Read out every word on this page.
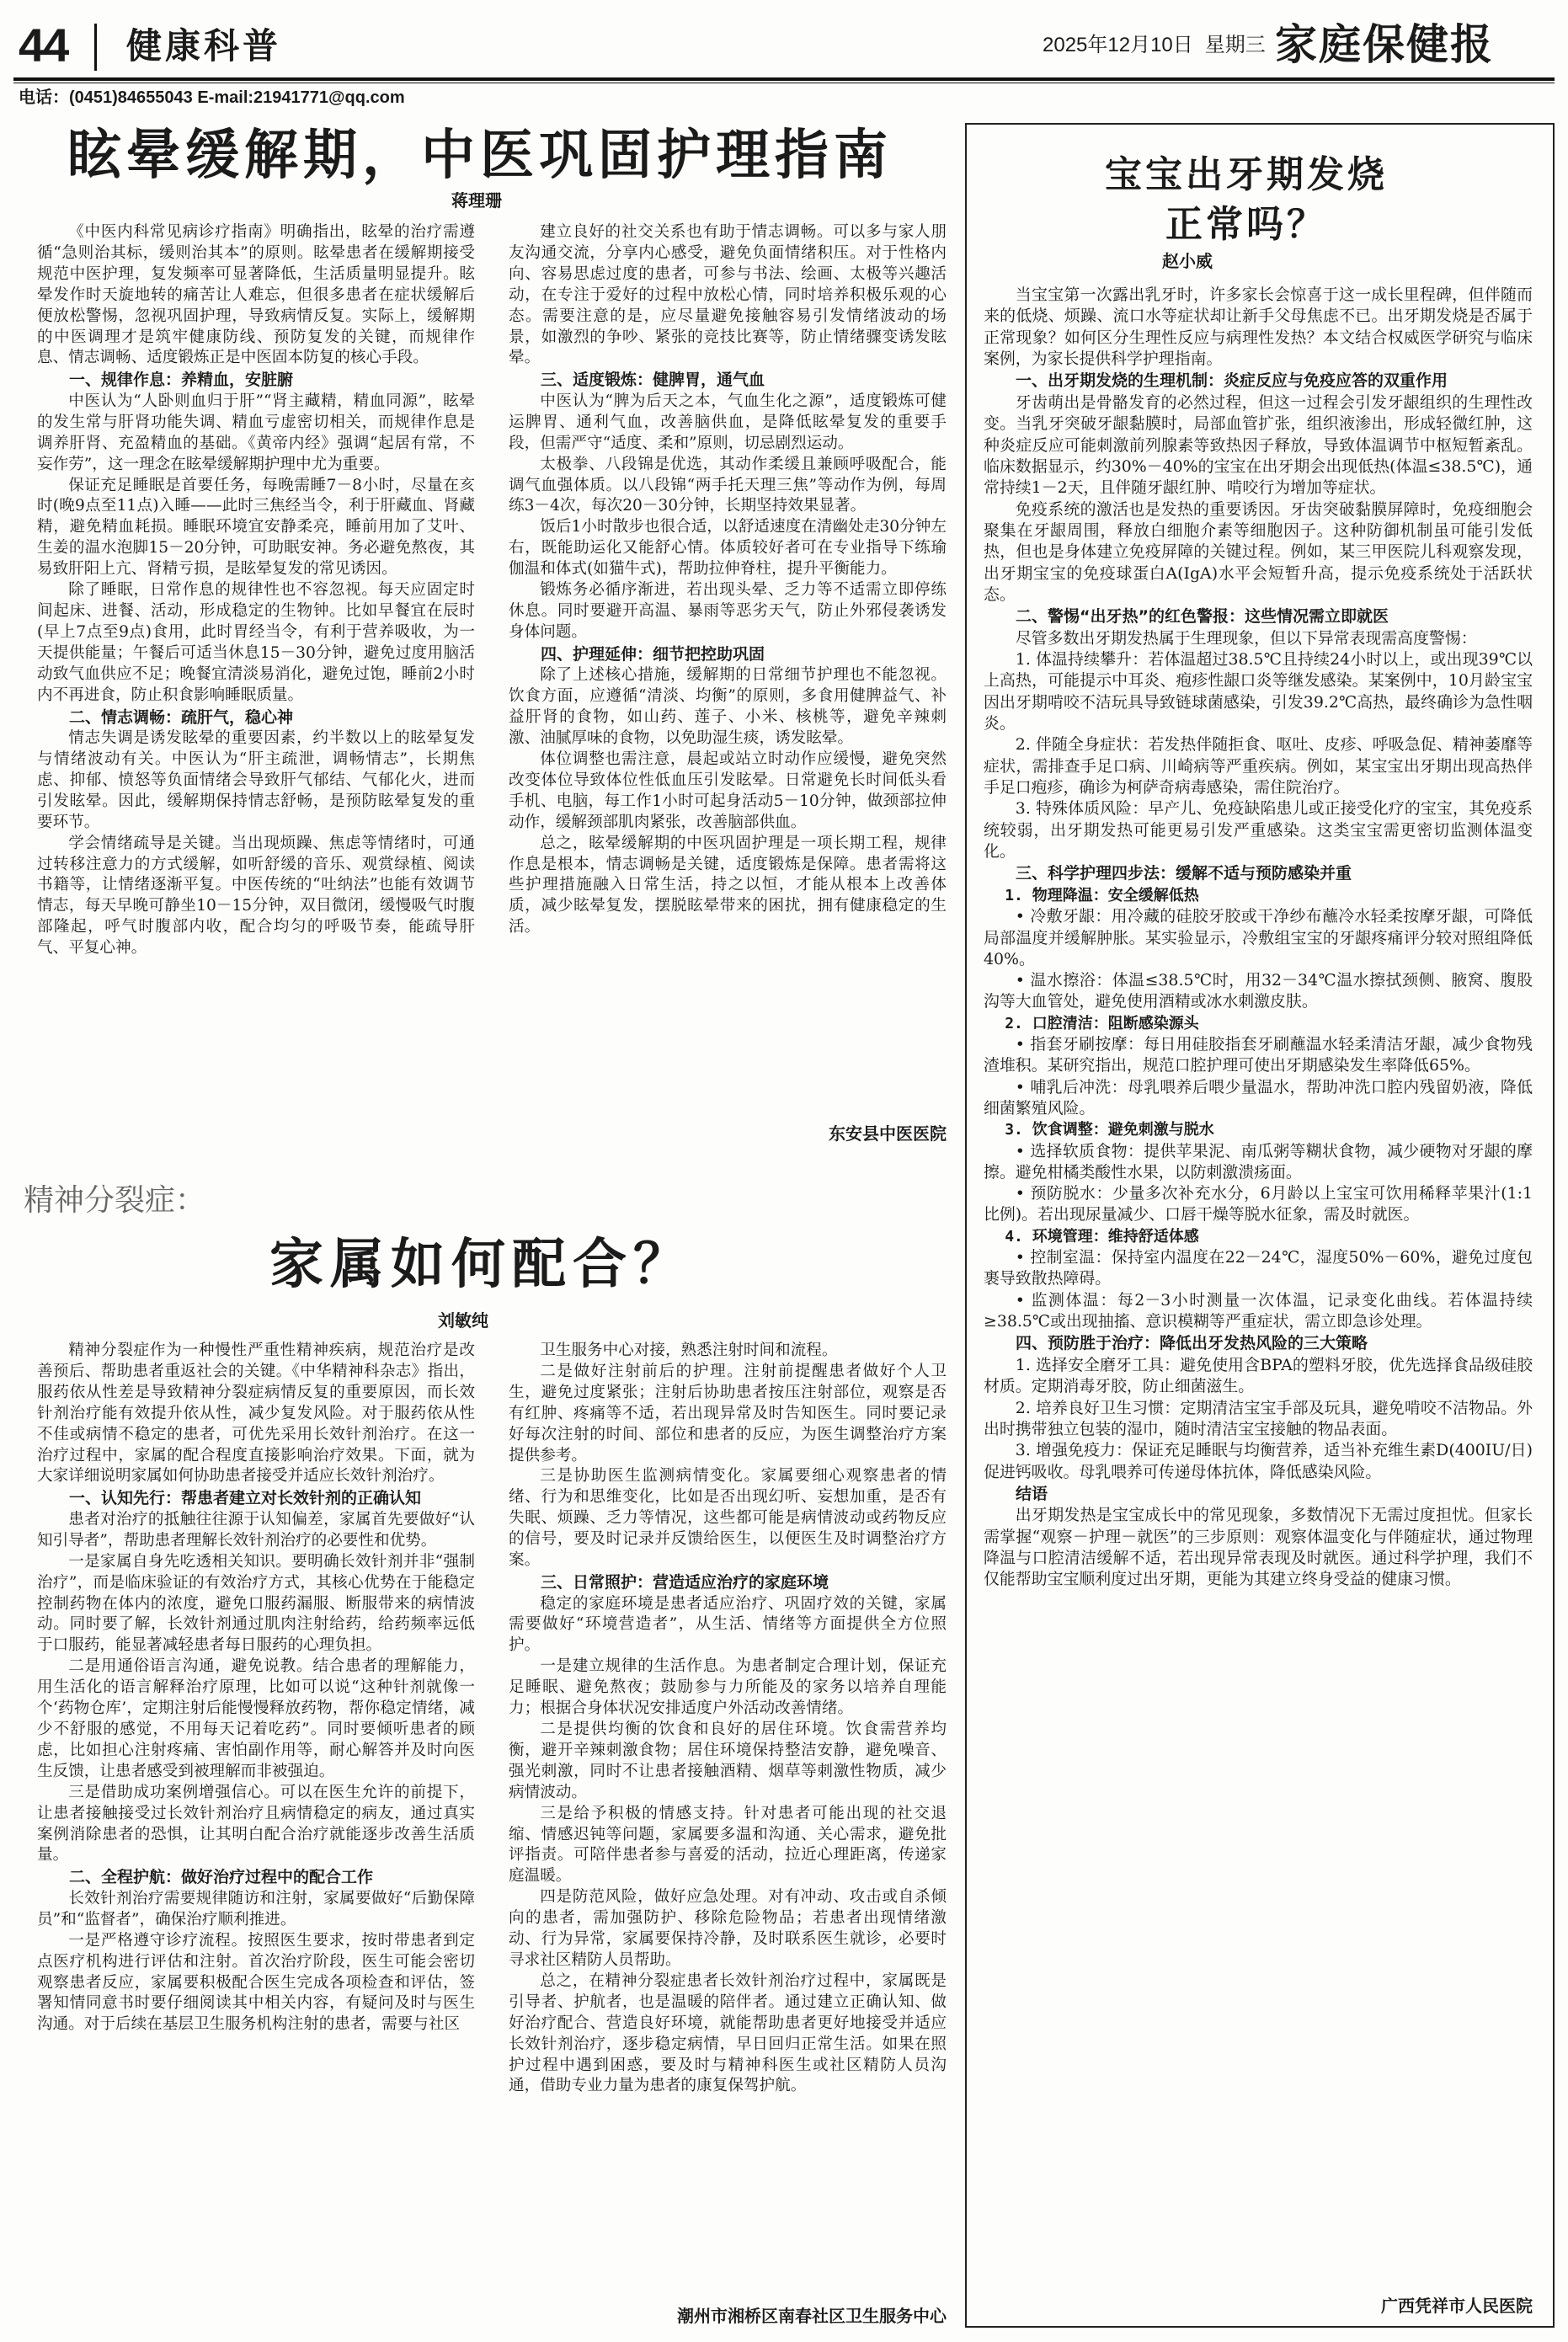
44 健康科普	2025年12月10日 星期三 家庭保健报
电话：(0451)84655043 E-mail:21941771@qq.com
眩晕缓解期，中医巩固护理指南
蒋理珊

《中医内科常见病诊疗指南》明确指出，眩晕的治疗需遵循“急则治其标，缓则治其本”的原则。眩晕患者在缓解期接受规范中医护理，复发频率可显著降低，生活质量明显提升。眩晕发作时天旋地转的痛苦让人难忘，但很多患者在症状缓解后便放松警惕，忽视巩固护理，导致病情反复。实际上，缓解期的中医调理才是筑牢健康防线、预防复发的关键，而规律作息、情志调畅、适度锻炼正是中医固本防复的核心手段。

一、规律作息：养精血，安脏腑

中医认为“人卧则血归于肝”“肾主藏精，精血同源”，眩晕的发生常与肝肾功能失调、精血亏虚密切相关，而规律作息是调养肝肾、充盈精血的基础。《黄帝内经》强调“起居有常，不妄作劳”，这一理念在眩晕缓解期护理中尤为重要。

保证充足睡眠是首要任务，每晚需睡7－8小时，尽量在亥时(晚9点至11点)入睡——此时三焦经当令，利于肝藏血、肾藏精，避免精血耗损。睡眠环境宜安静柔亮，睡前用加了艾叶、生姜的温水泡脚15－20分钟，可助眠安神。务必避免熬夜，其易致肝阳上亢、肾精亏损，是眩晕复发的常见诱因。

除了睡眠，日常作息的规律性也不容忽视。每天应固定时间起床、进餐、活动，形成稳定的生物钟。比如早餐宜在辰时(早上7点至9点)食用，此时胃经当令，有利于营养吸收，为一天提供能量；午餐后可适当休息15－30分钟，避免过度用脑活动致气血供应不足；晚餐宜清淡易消化，避免过饱，睡前2小时内不再进食，防止积食影响睡眠质量。

二、情志调畅：疏肝气，稳心神

情志失调是诱发眩晕的重要因素，约半数以上的眩晕复发与情绪波动有关。中医认为“肝主疏泄，调畅情志”，长期焦虑、抑郁、愤怒等负面情绪会导致肝气郁结、气郁化火，进而引发眩晕。因此，缓解期保持情志舒畅，是预防眩晕复发的重要环节。

学会情绪疏导是关键。当出现烦躁、焦虑等情绪时，可通过转移注意力的方式缓解，如听舒缓的音乐、观赏绿植、阅读书籍等，让情绪逐渐平复。中医传统的“吐纳法”也能有效调节情志，每天早晚可静坐10－15分钟，双目微闭，缓慢吸气时腹部隆起，呼气时腹部内收，配合均匀的呼吸节奏，能疏导肝气、平复心神。

建立良好的社交关系也有助于情志调畅。可以多与家人朋友沟通交流，分享内心感受，避免负面情绪积压。对于性格内向、容易思虑过度的患者，可参与书法、绘画、太极等兴趣活动，在专注于爱好的过程中放松心情，同时培养积极乐观的心态。需要注意的是，应尽量避免接触容易引发情绪波动的场景，如激烈的争吵、紧张的竞技比赛等，防止情绪骤变诱发眩晕。

三、适度锻炼：健脾胃，通气血

中医认为“脾为后天之本，气血生化之源”，适度锻炼可健运脾胃、通利气血，改善脑供血，是降低眩晕复发的重要手段，但需严守“适度、柔和”原则，切忌剧烈运动。

太极拳、八段锦是优选，其动作柔缓且兼顾呼吸配合，能调气血强体质。以八段锦“两手托天理三焦”等动作为例，每周练3－4次，每次20－30分钟，长期坚持效果显著。

饭后1小时散步也很合适，以舒适速度在清幽处走30分钟左右，既能助运化又能舒心情。体质较好者可在专业指导下练瑜伽温和体式(如猫牛式)，帮助拉伸脊柱，提升平衡能力。

锻炼务必循序渐进，若出现头晕、乏力等不适需立即停练休息。同时要避开高温、暴雨等恶劣天气，防止外邪侵袭诱发身体问题。

四、护理延伸：细节把控助巩固

除了上述核心措施，缓解期的日常细节护理也不能忽视。饮食方面，应遵循“清淡、均衡”的原则，多食用健脾益气、补益肝肾的食物，如山药、莲子、小米、核桃等，避免辛辣刺激、油腻厚味的食物，以免助湿生痰，诱发眩晕。

体位调整也需注意，晨起或站立时动作应缓慢，避免突然改变体位导致体位性低血压引发眩晕。日常避免长时间低头看手机、电脑，每工作1小时可起身活动5－10分钟，做颈部拉伸动作，缓解颈部肌肉紧张，改善脑部供血。

总之，眩晕缓解期的中医巩固护理是一项长期工程，规律作息是根本，情志调畅是关键，适度锻炼是保障。患者需将这些护理措施融入日常生活，持之以恒，才能从根本上改善体质，减少眩晕复发，摆脱眩晕带来的困扰，拥有健康稳定的生活。

东安县中医医院
精神分裂症：
家属如何配合？
刘敏纯

精神分裂症作为一种慢性严重性精神疾病，规范治疗是改善预后、帮助患者重返社会的关键。《中华精神科杂志》指出，服药依从性差是导致精神分裂症病情反复的重要原因，而长效针剂治疗能有效提升依从性，减少复发风险。对于服药依从性不佳或病情不稳定的患者，可优先采用长效针剂治疗。在这一治疗过程中，家属的配合程度直接影响治疗效果。下面，就为大家详细说明家属如何协助患者接受并适应长效针剂治疗。

一、认知先行：帮患者建立对长效针剂的正确认知

患者对治疗的抵触往往源于认知偏差，家属首先要做好“认知引导者”，帮助患者理解长效针剂治疗的必要性和优势。

一是家属自身先吃透相关知识。要明确长效针剂并非“强制治疗”，而是临床验证的有效治疗方式，其核心优势在于能稳定控制药物在体内的浓度，避免口服药漏服、断服带来的病情波动。同时要了解，长效针剂通过肌肉注射给药，给药频率远低于口服药，能显著减轻患者每日服药的心理负担。

二是用通俗语言沟通，避免说教。结合患者的理解能力，用生活化的语言解释治疗原理，比如可以说“这种针剂就像一个‘药物仓库’，定期注射后能慢慢释放药物，帮你稳定情绪，减少不舒服的感觉，不用每天记着吃药”。同时要倾听患者的顾虑，比如担心注射疼痛、害怕副作用等，耐心解答并及时向医生反馈，让患者感受到被理解而非被强迫。

三是借助成功案例增强信心。可以在医生允许的前提下，让患者接触接受过长效针剂治疗且病情稳定的病友，通过真实案例消除患者的恐惧，让其明白配合治疗就能逐步改善生活质量。

二、全程护航：做好治疗过程中的配合工作

长效针剂治疗需要规律随访和注射，家属要做好“后勤保障员”和“监督者”，确保治疗顺利推进。

一是严格遵守诊疗流程。按照医生要求，按时带患者到定点医疗机构进行评估和注射。首次治疗阶段，医生可能会密切观察患者反应，家属要积极配合医生完成各项检查和评估，签署知情同意书时要仔细阅读其中相关内容，有疑问及时与医生沟通。对于后续在基层卫生服务机构注射的患者，需要与社区

卫生服务中心对接，熟悉注射时间和流程。

二是做好注射前后的护理。注射前提醒患者做好个人卫生，避免过度紧张；注射后协助患者按压注射部位，观察是否有红肿、疼痛等不适，若出现异常及时告知医生。同时要记录好每次注射的时间、部位和患者的反应，为医生调整治疗方案提供参考。

三是协助医生监测病情变化。家属要细心观察患者的情绪、行为和思维变化，比如是否出现幻听、妄想加重，是否有失眠、烦躁、乏力等情况，这些都可能是病情波动或药物反应的信号，要及时记录并反馈给医生，以便医生及时调整治疗方案。

三、日常照护：营造适应治疗的家庭环境

稳定的家庭环境是患者适应治疗、巩固疗效的关键，家属需要做好“环境营造者”，从生活、情绪等方面提供全方位照护。

一是建立规律的生活作息。为患者制定合理计划，保证充足睡眠、避免熬夜；鼓励参与力所能及的家务以培养自理能力；根据合身体状况安排适度户外活动改善情绪。

二是提供均衡的饮食和良好的居住环境。饮食需营养均衡，避开辛辣刺激食物；居住环境保持整洁安静，避免噪音、强光刺激，同时不让患者接触酒精、烟草等刺激性物质，减少病情波动。

三是给予积极的情感支持。针对患者可能出现的社交退缩、情感迟钝等问题，家属要多温和沟通、关心需求，避免批评指责。可陪伴患者参与喜爱的活动，拉近心理距离，传递家庭温暖。

四是防范风险，做好应急处理。对有冲动、攻击或自杀倾向的患者，需加强防护、移除危险物品；若患者出现情绪激动、行为异常，家属要保持冷静，及时联系医生就诊，必要时寻求社区精防人员帮助。

总之，在精神分裂症患者长效针剂治疗过程中，家属既是引导者、护航者，也是温暖的陪伴者。通过建立正确认知、做好治疗配合、营造良好环境，就能帮助患者更好地接受并适应长效针剂治疗，逐步稳定病情，早日回归正常生活。如果在照护过程中遇到困惑，要及时与精神科医生或社区精防人员沟通，借助专业力量为患者的康复保驾护航。

潮州市湘桥区南春社区卫生服务中心
宝宝出牙期发烧
正常吗？
赵小威

当宝宝第一次露出乳牙时，许多家长会惊喜于这一成长里程碑，但伴随而来的低烧、烦躁、流口水等症状却让新手父母焦虑不已。出牙期发烧是否属于正常现象？如何区分生理性反应与病理性发热？本文结合权威医学研究与临床案例，为家长提供科学护理指南。

一、出牙期发烧的生理机制：炎症反应与免疫应答的双重作用

牙齿萌出是骨骼发育的必然过程，但这一过程会引发牙龈组织的生理性改变。当乳牙突破牙龈黏膜时，局部血管扩张，组织液渗出，形成轻微红肿，这种炎症反应可能刺激前列腺素等致热因子释放，导致体温调节中枢短暂紊乱。临床数据显示，约30%－40%的宝宝在出牙期会出现低热(体温≤38.5℃)，通常持续1－2天，且伴随牙龈红肿、啃咬行为增加等症状。

免疫系统的激活也是发热的重要诱因。牙齿突破黏膜屏障时，免疫细胞会聚集在牙龈周围，释放白细胞介素等细胞因子。这种防御机制虽可能引发低热，但也是身体建立免疫屏障的关键过程。例如，某三甲医院儿科观察发现，出牙期宝宝的免疫球蛋白A(IgA)水平会短暂升高，提示免疫系统处于活跃状态。

二、警惕“出牙热”的红色警报：这些情况需立即就医

尽管多数出牙期发热属于生理现象，但以下异常表现需高度警惕：

1. 体温持续攀升：若体温超过38.5℃且持续24小时以上，或出现39℃以上高热，可能提示中耳炎、疱疹性龈口炎等继发感染。某案例中，10月龄宝宝因出牙期啃咬不洁玩具导致链球菌感染，引发39.2℃高热，最终确诊为急性咽炎。

2. 伴随全身症状：若发热伴随拒食、呕吐、皮疹、呼吸急促、精神萎靡等症状，需排查手足口病、川崎病等严重疾病。例如，某宝宝出牙期出现高热伴手足口疱疹，确诊为柯萨奇病毒感染，需住院治疗。

3. 特殊体质风险：早产儿、免疫缺陷患儿或正接受化疗的宝宝，其免疫系统较弱，出牙期发热可能更易引发严重感染。这类宝宝需更密切监测体温变化。

三、科学护理四步法：缓解不适与预防感染并重
1. 物理降温：安全缓解低热

• 冷敷牙龈：用冷藏的硅胶牙胶或干净纱布蘸冷水轻柔按摩牙龈，可降低局部温度并缓解肿胀。某实验显示，冷敷组宝宝的牙龈疼痛评分较对照组降低40%。

• 温水擦浴：体温≤38.5℃时，用32－34℃温水擦拭颈侧、腋窝、腹股沟等大血管处，避免使用酒精或冰水刺激皮肤。

2. 口腔清洁：阻断感染源头

• 指套牙刷按摩：每日用硅胶指套牙刷蘸温水轻柔清洁牙龈，减少食物残渣堆积。某研究指出，规范口腔护理可使出牙期感染发生率降低65%。

• 哺乳后冲洗：母乳喂养后喂少量温水，帮助冲洗口腔内残留奶液，降低细菌繁殖风险。

3. 饮食调整：避免刺激与脱水

• 选择软质食物：提供苹果泥、南瓜粥等糊状食物，减少硬物对牙龈的摩擦。避免柑橘类酸性水果，以防刺激溃疡面。

• 预防脱水：少量多次补充水分，6月龄以上宝宝可饮用稀释苹果汁(1:1比例)。若出现尿量减少、口唇干燥等脱水征象，需及时就医。

4. 环境管理：维持舒适体感

• 控制室温：保持室内温度在22－24℃，湿度50%－60%，避免过度包裹导致散热障碍。

• 监测体温：每2－3小时测量一次体温，记录变化曲线。若体温持续≥38.5℃或出现抽搐、意识模糊等严重症状，需立即急诊处理。

四、预防胜于治疗：降低出牙发热风险的三大策略

1. 选择安全磨牙工具：避免使用含BPA的塑料牙胶，优先选择食品级硅胶材质。定期消毒牙胶，防止细菌滋生。

2. 培养良好卫生习惯：定期清洁宝宝手部及玩具，避免啃咬不洁物品。外出时携带独立包装的湿巾，随时清洁宝宝接触的物品表面。

3. 增强免疫力：保证充足睡眠与均衡营养，适当补充维生素D(400IU/日)促进钙吸收。母乳喂养可传递母体抗体，降低感染风险。

结语

出牙期发热是宝宝成长中的常见现象，多数情况下无需过度担忧。但家长需掌握“观察－护理－就医”的三步原则：观察体温变化与伴随症状，通过物理降温与口腔清洁缓解不适，若出现异常表现及时就医。通过科学护理，我们不仅能帮助宝宝顺利度过出牙期，更能为其建立终身受益的健康习惯。

广西凭祥市人民医院
